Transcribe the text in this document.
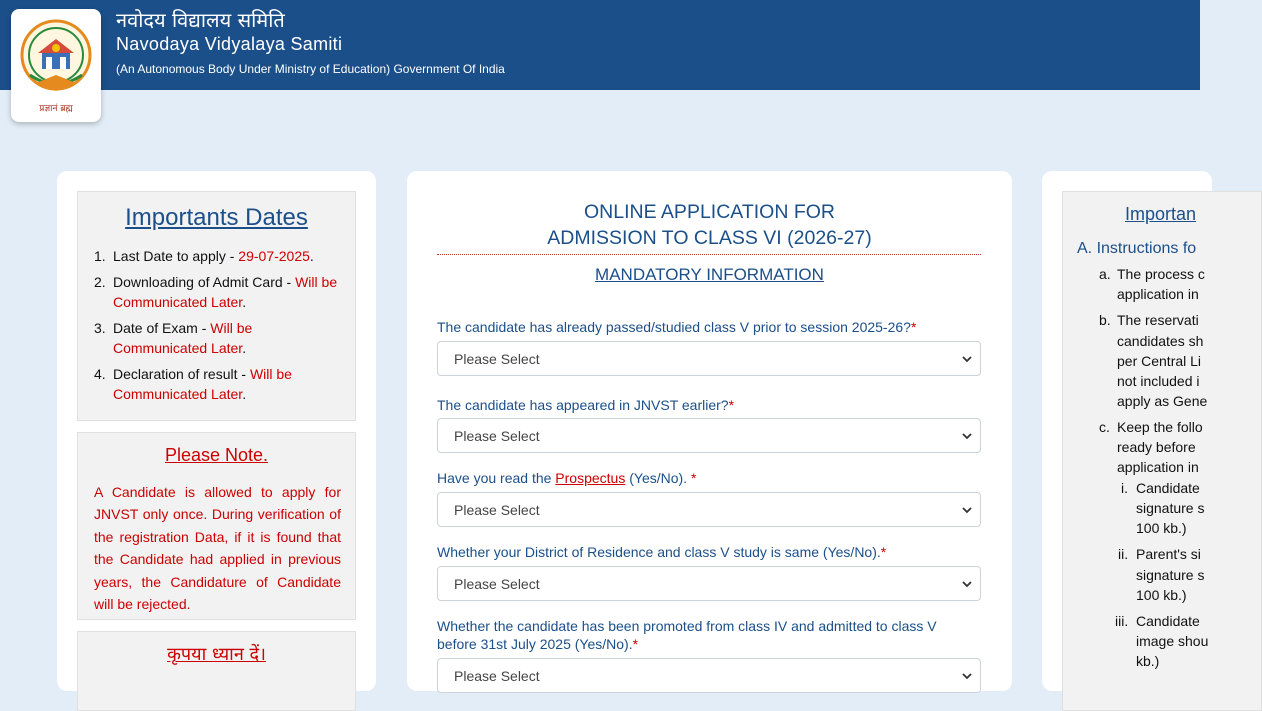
नवोदय विद्यालय समिति
Navodaya Vidyalaya Samiti
(An Autonomous Body Under Ministry of Education) Government Of India
प्रज्ञानं ब्रह्म
Importants Dates
1. Last Date to apply - 29-07-2025.
2. Downloading of Admit Card - Will be Communicated Later.
3. Date of Exam - Will be Communicated Later.
4. Declaration of result - Will be Communicated Later.
Please Note.
A Candidate is allowed to apply for JNVST only once. During verification of the registration Data, if it is found that the Candidate had applied in previous years, the Candidature of Candidate will be rejected.
कृपया ध्यान दें।
ONLINE APPLICATION FOR
ADMISSION TO CLASS VI (2026-27)
MANDATORY INFORMATION
The candidate has already passed/studied class V prior to session 2025-26?*
Please Select
The candidate has appeared in JNVST earlier?*
Please Select
Have you read the Prospectus (Yes/No). *
Please Select
Whether your District of Residence and class V study is same (Yes/No).*
Please Select
Whether the candidate has been promoted from class IV and admitted to class V
before 31st July 2025 (Yes/No).*
Please Select
Importan
A. Instructions fo
a. The process c
application in
b. The reservati
candidates sh
per Central Li
not included i
apply as Gene
c. Keep the follo
ready before
application in
i. Candidate
signature s
100 kb.)
ii. Parent's si
signature s
100 kb.)
iii. Candidate
image shou
kb.)
